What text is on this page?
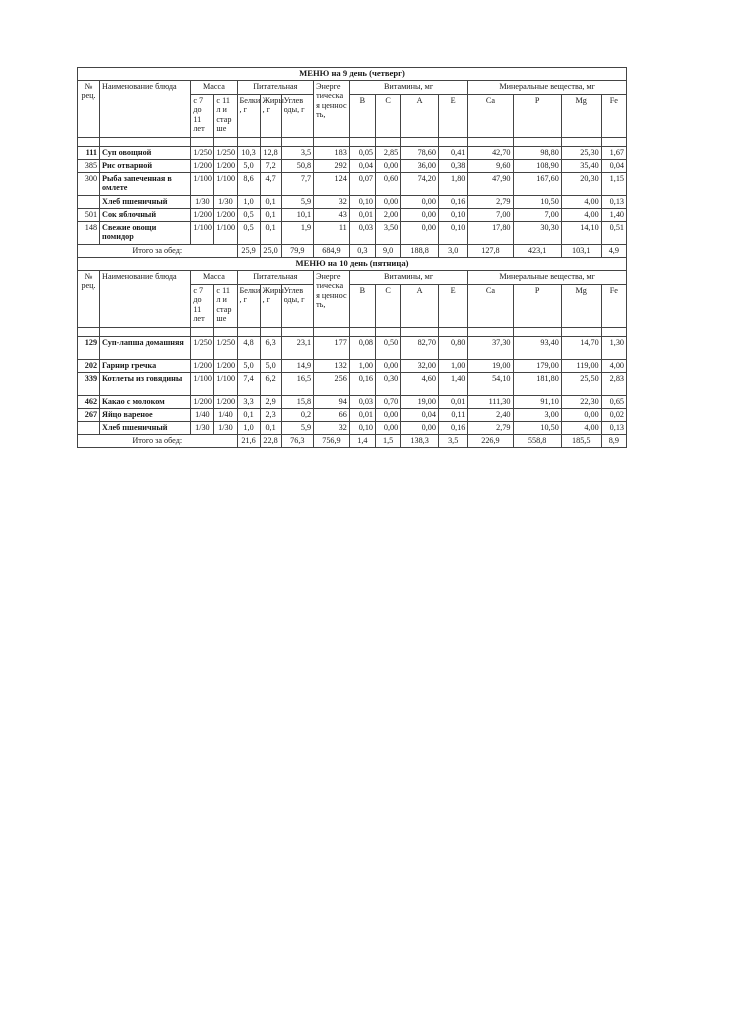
МЕНЮ на 9 день (четверг)															
№ рец.	Наименование блюда	Масса		Питательная			Энерге тическа я ценнос ть,	Витамины, мг				Минеральные вещества, мг			
		с 7 до 11 лет	с 11 л и стар ше	Белки , г	Жиры , г	Углев оды, г		B	C	A	E	Ca	P	Mg	Fe

111	Суп овощной	1/250	1/250	10,3	12,8	3,5	183	0,05	2,85	78,60	0,41	42,70	98,80	25,30	1,67
385	Рис отварной	1/200	1/200	5,0	7,2	50,8	292	0,04	0,00	36,00	0,38	9,60	108,90	35,40	0,04
300	Рыба запеченная в омлете	1/100	1/100	8,6	4,7	7,7	124	0,07	0,60	74,20	1,80	47,90	167,60	20,30	1,15
	Хлеб пшеничный	1/30	1/30	1,0	0,1	5,9	32	0,10	0,00	0,00	0,16	2,79	10,50	4,00	0,13
501	Сок яблочный	1/200	1/200	0,5	0,1	10,1	43	0,01	2,00	0,00	0,10	7,00	7,00	4,00	1,40
148	Свежие овощи помидор	1/100	1/100	0,5	0,1	1,9	11	0,03	3,50	0,00	0,10	17,80	30,30	14,10	0,51
Итого за обед:				25,9	25,0	79,9	684,9	0,3	9,0	188,8	3,0	127,8	423,1	103,1	4,9
МЕНЮ на 10 день (пятница)															
№ рец.	Наименование блюда	Масса		Питательная			Энерге тическа я ценнос ть,	Витамины, мг				Минеральные вещества, мг			
		с 7 до 11 лет	с 11 л и стар ше	Белки , г	Жиры , г	Углев оды, г		B	C	A	E	Ca	P	Mg	Fe

129	Суп-лапша домашняя	1/250	1/250	4,8	6,3	23,1	177	0,08	0,50	82,70	0,80	37,30	93,40	14,70	1,30
202	Гарнир гречка	1/200	1/200	5,0	5,0	14,9	132	1,00	0,00	32,00	1,00	19,00	179,00	119,00	4,00
339	Котлеты из говядины	1/100	1/100	7,4	6,2	16,5	256	0,16	0,30	4,60	1,40	54,10	181,80	25,50	2,83
462	Какао с молоком	1/200	1/200	3,3	2,9	15,8	94	0,03	0,70	19,00	0,01	111,30	91,10	22,30	0,65
267	Яйцо вареное	1/40	1/40	0,1	2,3	0,2	66	0,01	0,00	0,04	0,11	2,40	3,00	0,00	0,02
	Хлеб пшеничный	1/30	1/30	1,0	0,1	5,9	32	0,10	0,00	0,00	0,16	2,79	10,50	4,00	0,13
Итого за обед:				21,6	22,8	76,3	756,9	1,4	1,5	138,3	3,5	226,9	558,8	185,5	8,9
